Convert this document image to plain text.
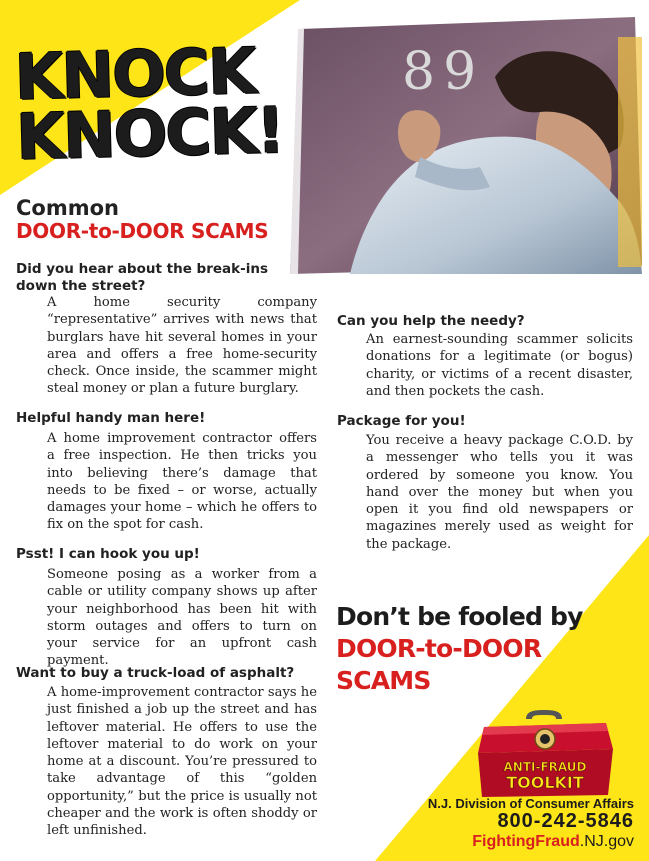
89
KNOCK
KNOCK!
Common
DOOR-to-DOOR SCAMS
Did you hear about the break-ins
down the street?

A home security company “representative” arrives with news that burglars have hit several homes in your area and offers a free home-security check. Once inside, the scammer might steal money or plan a future burglary.

Helpful handy man here!

A home improvement contractor offers a free inspection. He then tricks you into believing there’s damage that needs to be fixed – or worse, actually damages your home – which he offers to fix on the spot for cash.

Psst! I can hook you up!

Someone posing as a worker from a cable or utility company shows up after your neighborhood has been hit with storm outages and offers to turn on your service for an upfront cash payment.

Want to buy a truck-load of asphalt?

A home-improvement contractor says he just finished a job up the street and has leftover material. He offers to use the leftover material to do work on your home at a discount. You’re pressured to take advantage of this “golden opportunity,” but the price is usually not cheaper and the work is often shoddy or left unfinished.

Can you help the needy?

An earnest-sounding scammer solicits donations for a legitimate (or bogus) charity, or victims of a recent disaster, and then pockets the cash.

Package for you!

You receive a heavy package C.O.D. by a messenger who tells you it was ordered by someone you know. You hand over the money but when you open it you find old newspapers or magazines merely used as weight for the package.

Don’t be fooled by
DOOR-to-DOOR
SCAMS
ANTI-FRAUD
TOOLKIT
N.J. Division of Consumer Affairs
800-242-5846
FightingFraud.NJ.gov
